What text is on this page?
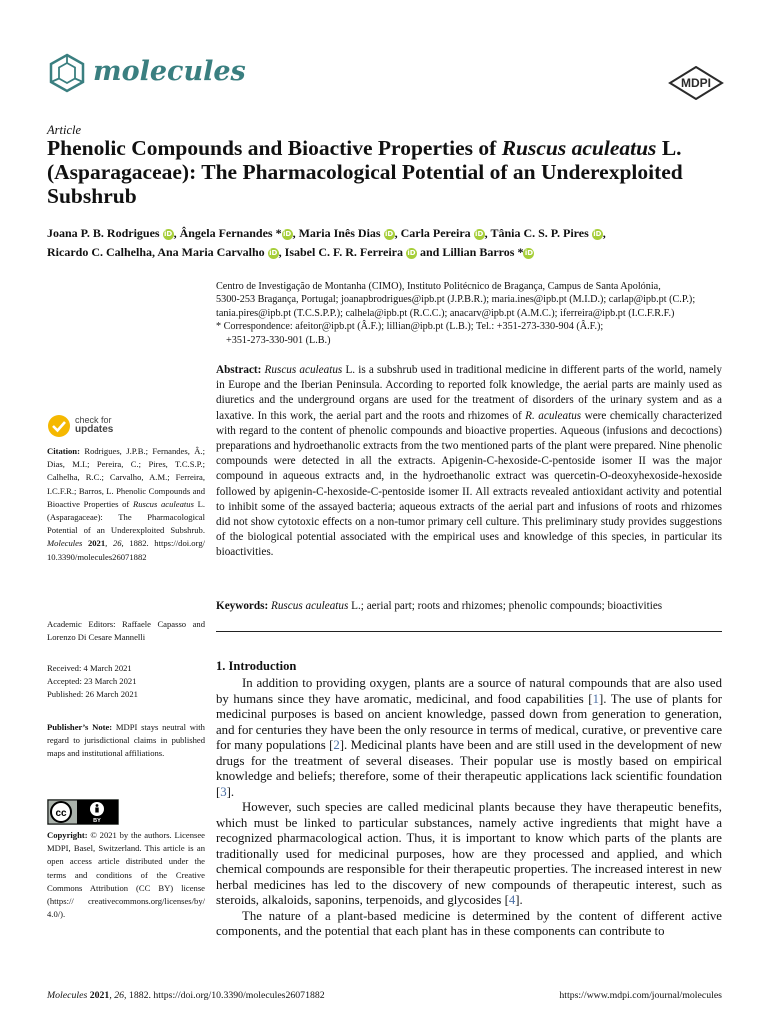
molecules	MDPI
Article
Phenolic Compounds and Bioactive Properties of Ruscus aculeatus L. (Asparagaceae): The Pharmacological Potential of an Underexploited Subshrub
Joana P. B. Rodrigues iD, Ângela Fernandes *iD, Maria Inês Dias iD, Carla Pereira iD, Tânia C. S. P. Pires iD,
Ricardo C. Calhelha, Ana Maria Carvalho iD, Isabel C. F. R. Ferreira iD and Lillian Barros *iD

Centro de Investigação de Montanha (CIMO), Instituto Politécnico de Bragança, Campus de Santa Apolónia,

5300-253 Bragança, Portugal; joanapbrodrigues@ipb.pt (J.P.B.R.); maria.ines@ipb.pt (M.I.D.); carlap@ipb.pt (C.P.);

tania.pires@ipb.pt (T.C.S.P.P.); calhela@ipb.pt (R.C.C.); anacarv@ipb.pt (A.M.C.); iferreira@ipb.pt (I.C.F.R.F.)

* Correspondence: afeitor@ipb.pt (Â.F.); lillian@ipb.pt (L.B.); Tel.: +351-273-330-904 (Â.F.);

+351-273-330-901 (L.B.)

Abstract: Ruscus aculeatus L. is a subshrub used in traditional medicine in different parts of the world, namely in Europe and the Iberian Peninsula. According to reported folk knowledge, the aerial parts are mainly used as diuretics and the underground organs are used for the treatment of disorders of the urinary system and as a laxative. In this work, the aerial part and the roots and rhizomes of R. aculeatus were chemically characterized with regard to the content of phenolic compounds and bioactive properties. Aqueous (infusions and decoctions) preparations and hydroethanolic extracts from the two mentioned parts of the plant were prepared. Nine phenolic compounds were detected in all the extracts. Apigenin-C-hexoside-C-pentoside isomer II was the major compound in aqueous extracts and, in the hydroethanolic extract was quercetin-O-deoxyhexoside-hexoside followed by apigenin-C-hexoside-C-pentoside isomer II. All extracts revealed antioxidant activity and potential to inhibit some of the assayed bacteria; aqueous extracts of the aerial part and infusions of roots and rhizomes did not show cytotoxic effects on a non-tumor primary cell culture. This preliminary study provides suggestions of the biological potential associated with the empirical uses and knowledge of this species, in particular its bioactivities.
Keywords: Ruscus aculeatus L.; aerial part; roots and rhizomes; phenolic compounds; bioactivities
check for
updates
Citation: Rodrigues, J.P.B.; Fernandes, Â.; Dias, M.I.; Pereira, C.; Pires, T.C.S.P.; Calhelha, R.C.; Carvalho, A.M.; Ferreira, I.C.F.R.; Barros, L. Phenolic Compounds and Bioactive Properties of Ruscus aculeatus L. (Asparagaceae): The Pharmacological Potential of an Underexploited Subshrub. Molecules 2021, 26, 1882. https://doi.org/ 10.3390/molecules26071882
Academic Editors: Raffaele Capasso and Lorenzo Di Cesare Mannelli
Received: 4 March 2021
Accepted: 23 March 2021
Published: 26 March 2021
Publisher’s Note: MDPI stays neutral with regard to jurisdictional claims in published maps and institutional affiliations.
cc
BY
Copyright: © 2021 by the authors. Licensee MDPI, Basel, Switzerland. This article is an open access article distributed under the terms and conditions of the Creative Commons Attribution (CC BY) license (https:// creativecommons.org/licenses/by/ 4.0/).
1. Introduction

In addition to providing oxygen, plants are a source of natural compounds that are also used by humans since they have aromatic, medicinal, and food capabilities [1]. The use of plants for medicinal purposes is based on ancient knowledge, passed down from generation to generation, and for centuries they have been the only resource in terms of medical, curative, or preventive care for many populations [2]. Medicinal plants have been and are still used in the development of new drugs for the treatment of several diseases. Their popular use is mostly based on empirical knowledge and beliefs; therefore, some of their therapeutic applications lack scientific foundation [3].

However, such species are called medicinal plants because they have therapeutic benefits, which must be linked to particular substances, namely active ingredients that might have a recognized pharmacological action. Thus, it is important to know which parts of the plants are traditionally used for medicinal purposes, how are they processed and applied, and which chemical compounds are responsible for their therapeutic properties. The increased interest in new herbal medicines has led to the discovery of new compounds of therapeutic interest, such as steroids, alkaloids, saponins, terpenoids, and glycosides [4].

The nature of a plant-based medicine is determined by the content of different active components, and the potential that each plant has in these components can contribute to

Molecules 2021, 26, 1882. https://doi.org/10.3390/molecules26071882	https://www.mdpi.com/journal/molecules
